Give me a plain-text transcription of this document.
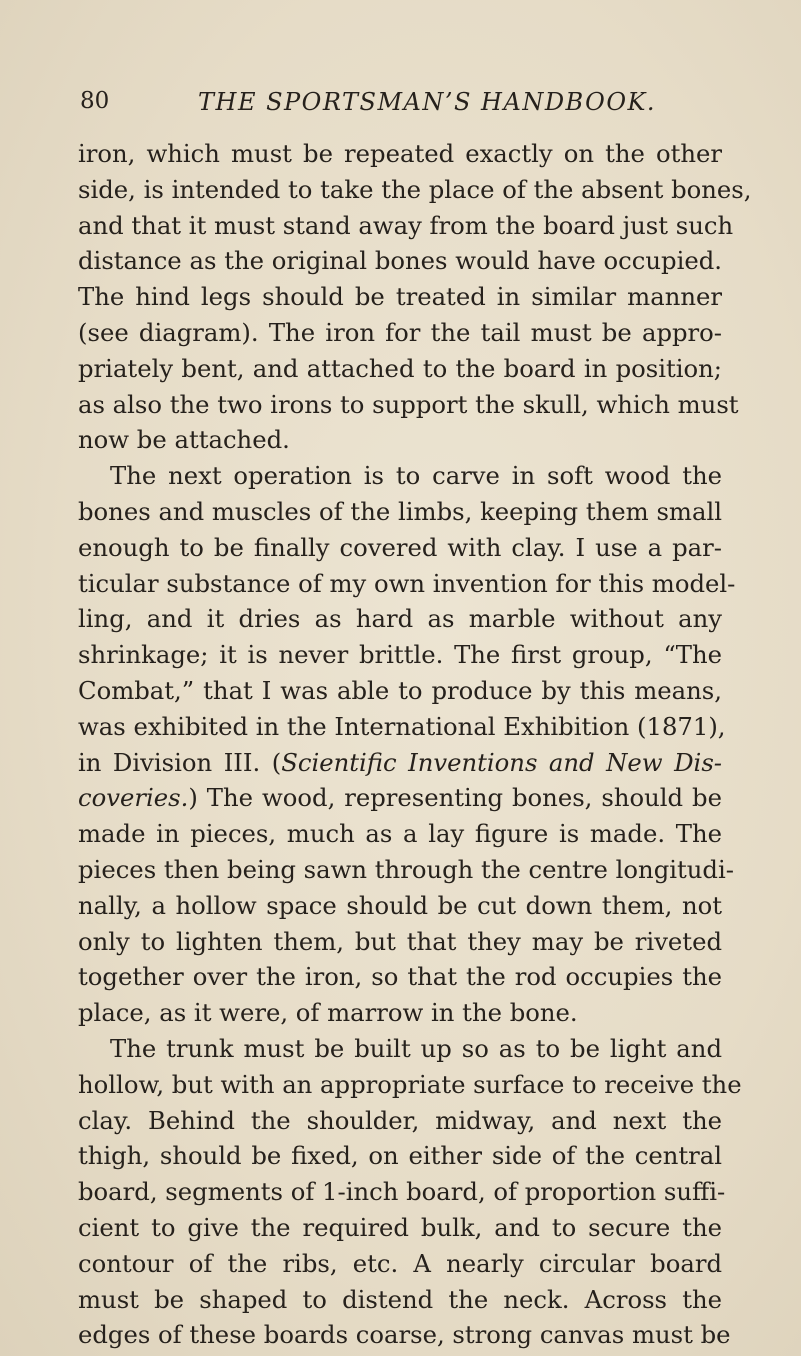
80	THE SPORTSMAN’S HANDBOOK.
iron, which must be repeated exactly on the other
side, is intended to take the place of the absent bones,
and that it must stand away from the board just such
distance as the original bones would have occupied.
The hind legs should be treated in similar manner
(see diagram). The iron for the tail must be appro-
priately bent, and attached to the board in position;
as also the two irons to support the skull, which must
now be attached.
The next operation is to carve in soft wood the
bones and muscles of the limbs, keeping them small
enough to be finally covered with clay. I use a par-
ticular substance of my own invention for this model-
ling, and it dries as hard as marble without any
shrinkage; it is never brittle. The first group, “The
Combat,” that I was able to produce by this means,
was exhibited in the International Exhibition (1871),
in Division III. (Scientific Inventions and New Dis-
coveries.) The wood, representing bones, should be
made in pieces, much as a lay figure is made. The
pieces then being sawn through the centre longitudi-
nally, a hollow space should be cut down them, not
only to lighten them, but that they may be riveted
together over the iron, so that the rod occupies the
place, as it were, of marrow in the bone.
The trunk must be built up so as to be light and
hollow, but with an appropriate surface to receive the
clay. Behind the shoulder, midway, and next the
thigh, should be fixed, on either side of the central
board, segments of 1-inch board, of proportion suffi-
cient to give the required bulk, and to secure the
contour of the ribs, etc. A nearly circular board
must be shaped to distend the neck. Across the
edges of these boards coarse, strong canvas must be
